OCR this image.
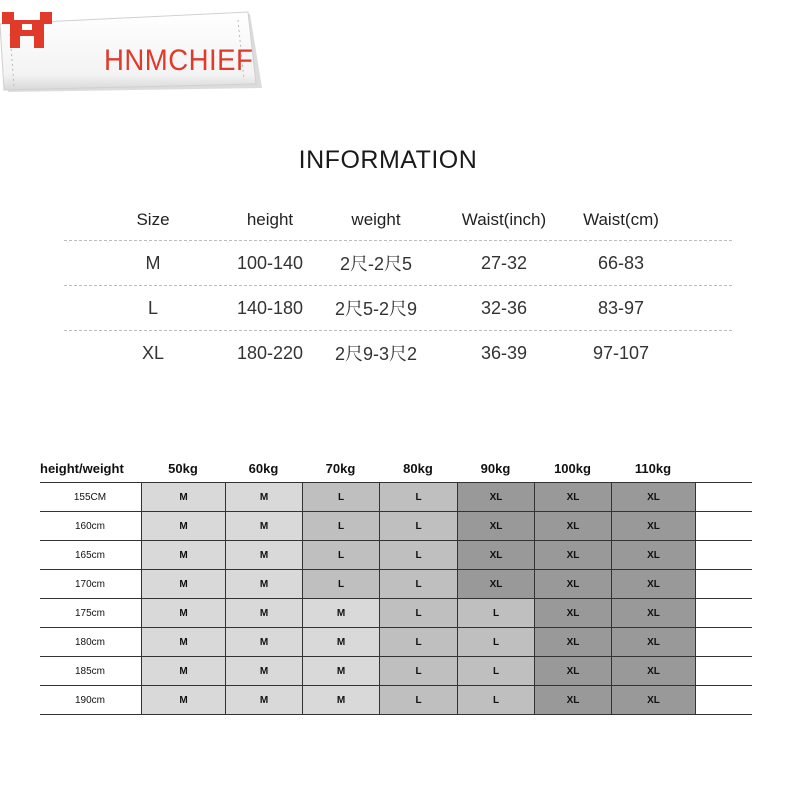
HNMCHIEF
INFORMATION
Size	height	weight	Waist(inch)	Waist(cm)
M	100-140	2尺-2尺5	27-32	66-83
L	140-180	2尺5-2尺9	32-36	83-97
XL	180-220	2尺9-3尺2	36-39	97-107
height/weight	50kg	60kg	70kg	80kg	90kg	100kg	110kg
155CM	M	M	L	L	XL	XL	XL
160cm	M	M	L	L	XL	XL	XL
165cm	M	M	L	L	XL	XL	XL
170cm	M	M	L	L	XL	XL	XL
175cm	M	M	M	L	L	XL	XL
180cm	M	M	M	L	L	XL	XL
185cm	M	M	M	L	L	XL	XL
190cm	M	M	M	L	L	XL	XL
